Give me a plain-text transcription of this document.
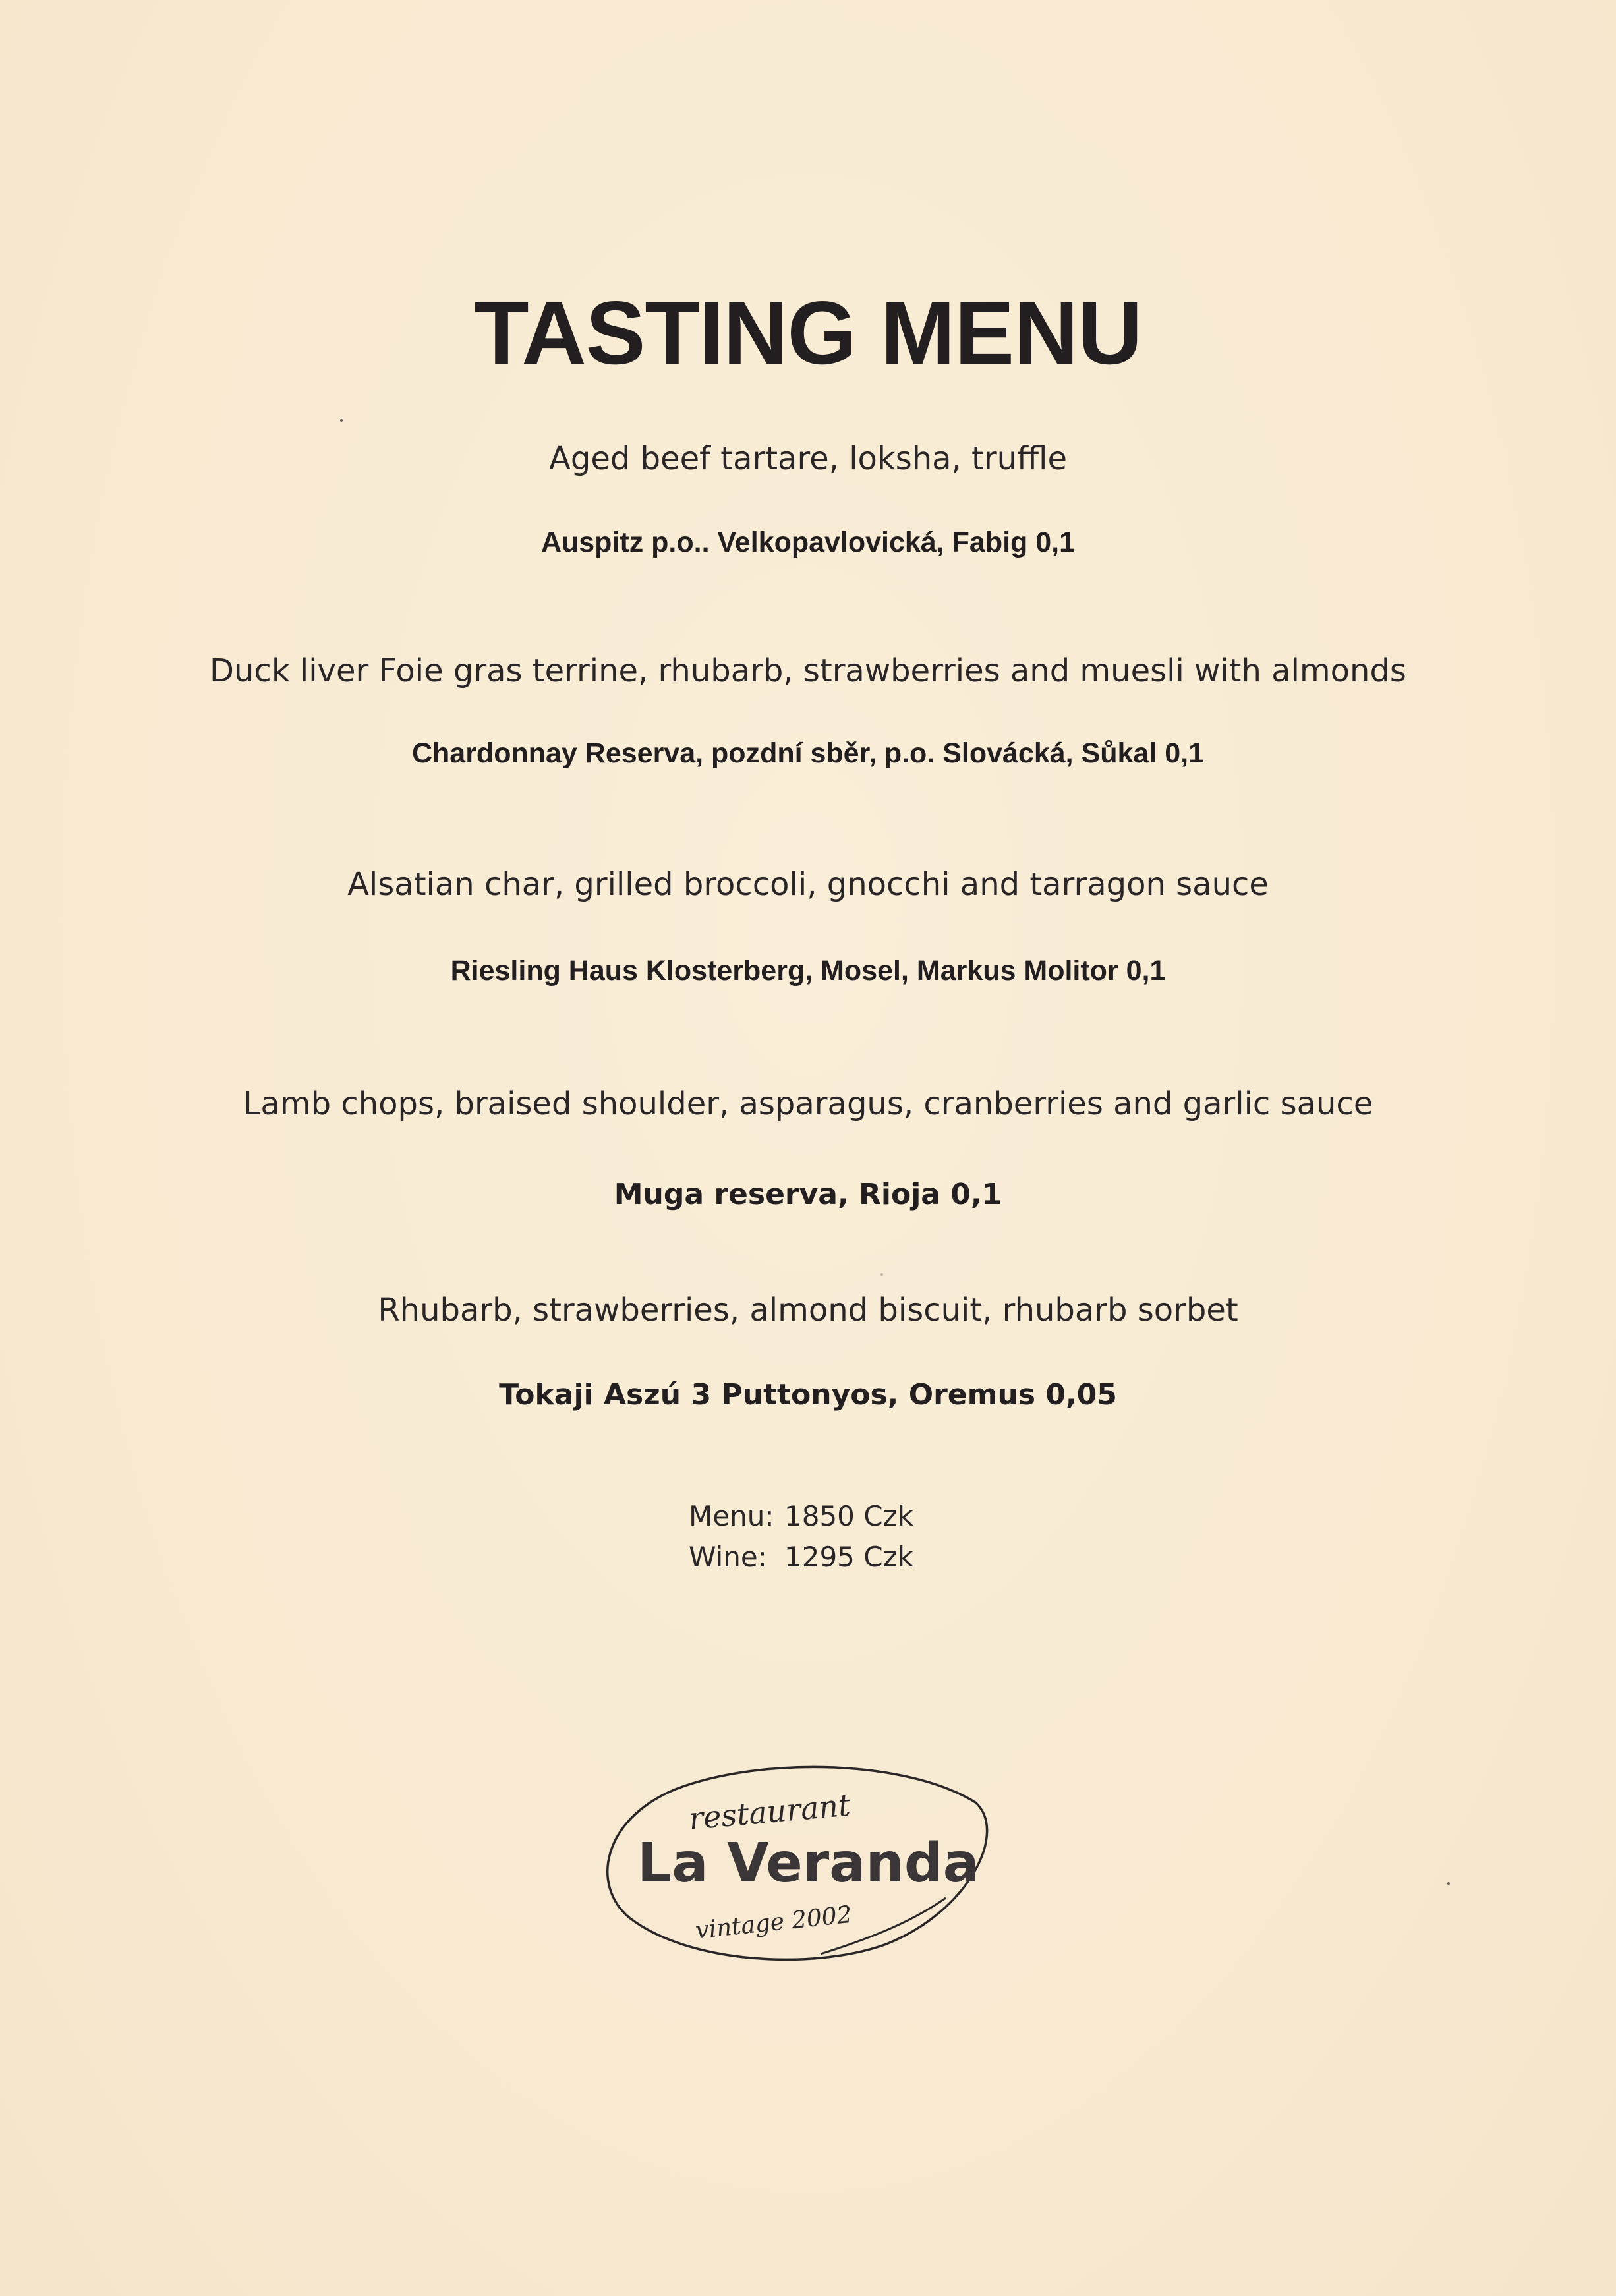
TASTING MENU
Aged beef tartare, loksha, truffle
Auspitz p.o.. Velkopavlovická, Fabig 0,1
Duck liver Foie gras terrine, rhubarb, strawberries and muesli with almonds
Chardonnay Reserva, pozdní sběr, p.o. Slovácká, Sůkal 0,1
Alsatian char, grilled broccoli, gnocchi and tarragon sauce
Riesling Haus Klosterberg, Mosel, Markus Molitor 0,1
Lamb chops, braised shoulder, asparagus, cranberries and garlic sauce
Muga reserva, Rioja 0,1
Rhubarb, strawberries, almond biscuit, rhubarb sorbet
Tokaji Aszú 3 Puttonyos, Oremus 0,05
Menu: 1850 Czk
Wine: 1295 Czk
restaurant
La Veranda
vintage 2002
